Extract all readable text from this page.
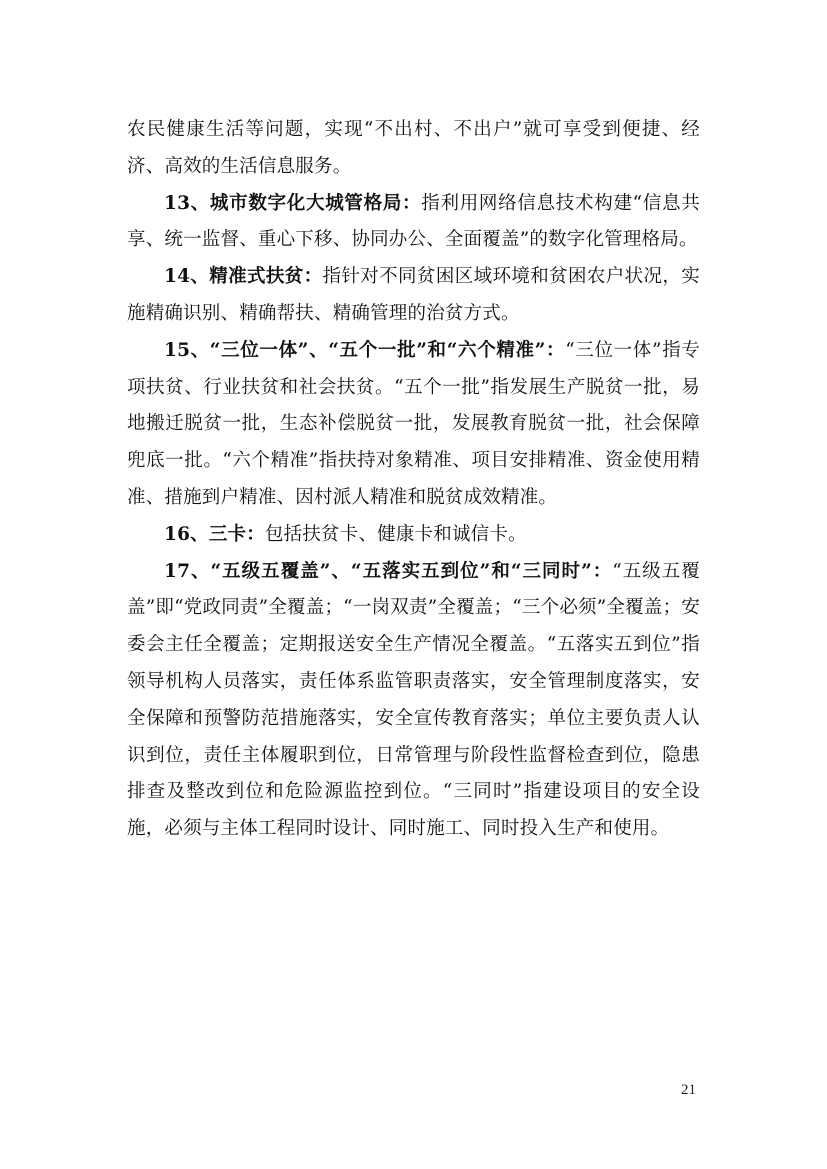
农民健康生活等问题，实现“不出村、不出户”就可享受到便捷、经济、高效的生活信息服务。

13、城市数字化大城管格局：指利用网络信息技术构建“信息共享、统一监督、重心下移、协同办公、全面覆盖”的数字化管理格局。

14、精准式扶贫：指针对不同贫困区域环境和贫困农户状况，实施精确识别、精确帮扶、精确管理的治贫方式。

15、“三位一体”、“五个一批”和“六个精准”：“三位一体”指专项扶贫、行业扶贫和社会扶贫。“五个一批”指发展生产脱贫一批，易地搬迁脱贫一批，生态补偿脱贫一批，发展教育脱贫一批，社会保障兜底一批。“六个精准”指扶持对象精准、项目安排精准、资金使用精准、措施到户精准、因村派人精准和脱贫成效精准。

16、三卡：包括扶贫卡、健康卡和诚信卡。

17、“五级五覆盖”、“五落实五到位”和“三同时”：“五级五覆盖”即“党政同责”全覆盖；“一岗双责”全覆盖；“三个必须”全覆盖；安委会主任全覆盖；定期报送安全生产情况全覆盖。“五落实五到位”指领导机构人员落实，责任体系监管职责落实，安全管理制度落实，安全保障和预警防范措施落实，安全宣传教育落实；单位主要负责人认识到位，责任主体履职到位，日常管理与阶段性监督检查到位，隐患排查及整改到位和危险源监控到位。“三同时”指建设项目的安全设施，必须与主体工程同时设计、同时施工、同时投入生产和使用。

21
